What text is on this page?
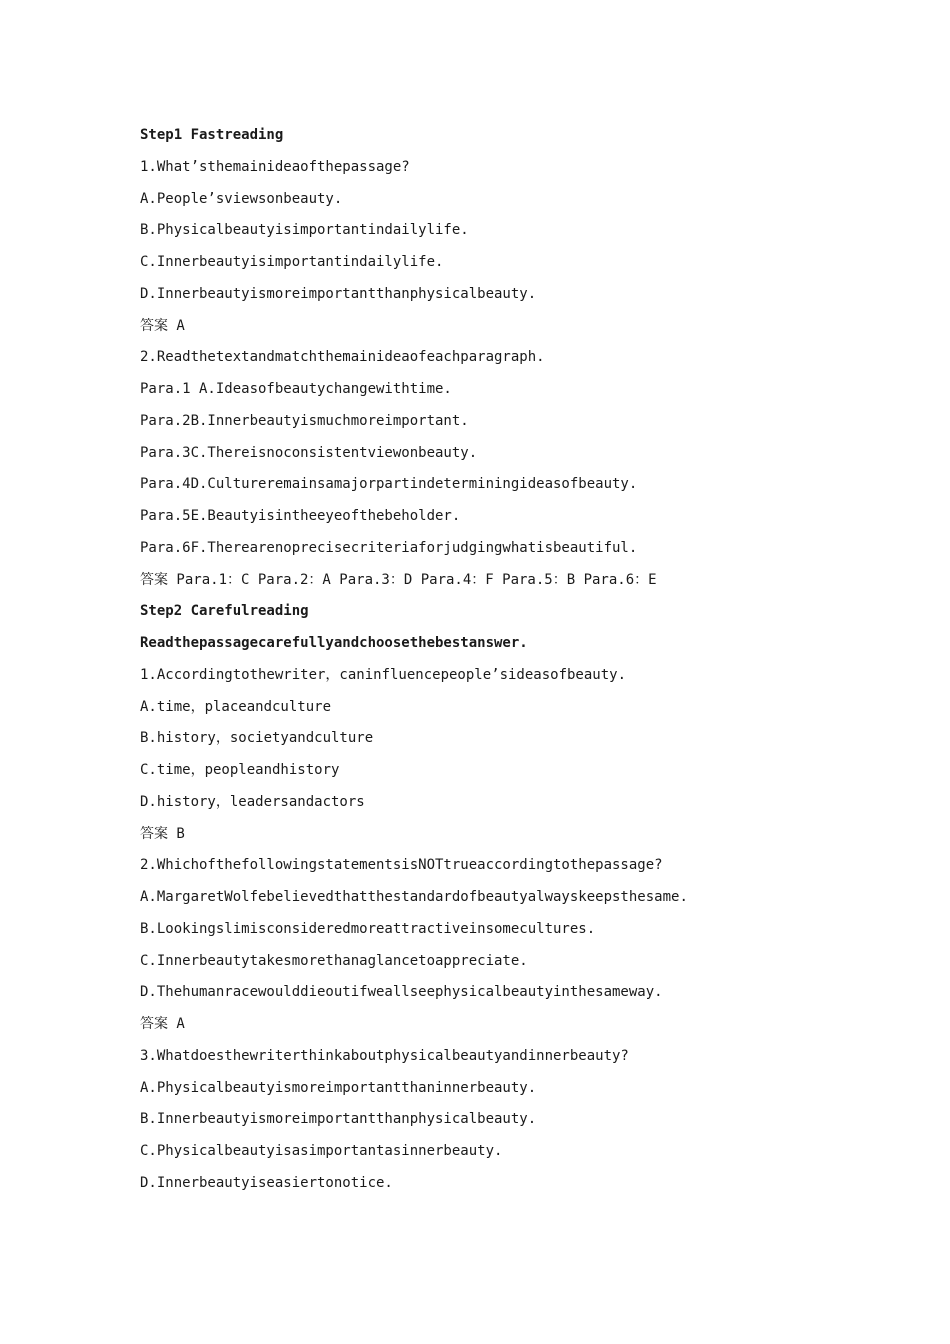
Step1 Fastreading
1.What’sthemainideaofthepassage?
A.People’sviewsonbeauty.
B.Physicalbeautyisimportantindailylife.
C.Innerbeautyisimportantindailylife.
D.Innerbeautyismoreimportantthanphysicalbeauty.
答案 A
2.Readthetextandmatchthemainideaofeachparagraph.
Para.1 A.Ideasofbeautychangewithtime.
Para.2B.Innerbeautyismuchmoreimportant.
Para.3C.Thereisnoconsistentviewonbeauty.
Para.4D.Cultureremainsamajorpartindeterminingideasofbeauty.
Para.5E.Beautyisintheeyeofthebeholder.
Para.6F.Therearenoprecisecriteriaforjudgingwhatisbeautiful.
答案 Para.1：C Para.2：A Para.3：D Para.4：F Para.5：B Para.6：E
Step2 Carefulreading
Readthepassagecarefullyandchoosethebestanswer.
1.Accordingtothewriter，caninfluencepeople’sideasofbeauty.
A.time，placeandculture
B.history，societyandculture
C.time，peopleandhistory
D.history，leadersandactors
答案 B
2.WhichofthefollowingstatementsisNOTtrueaccordingtothepassage?
A.MargaretWolfebelievedthatthestandardofbeautyalwayskeepsthesame.
B.Lookingslimisconsideredmoreattractiveinsomecultures.
C.Innerbeautytakesmorethanaglancetoappreciate.
D.Thehumanracewoulddieoutifweallseephysicalbeautyinthesameway.
答案 A
3.Whatdoesthewriterthinkaboutphysicalbeautyandinnerbeauty?
A.Physicalbeautyismoreimportantthaninnerbeauty.
B.Innerbeautyismoreimportantthanphysicalbeauty.
C.Physicalbeautyisasimportantasinnerbeauty.
D.Innerbeautyiseasiertonotice.
